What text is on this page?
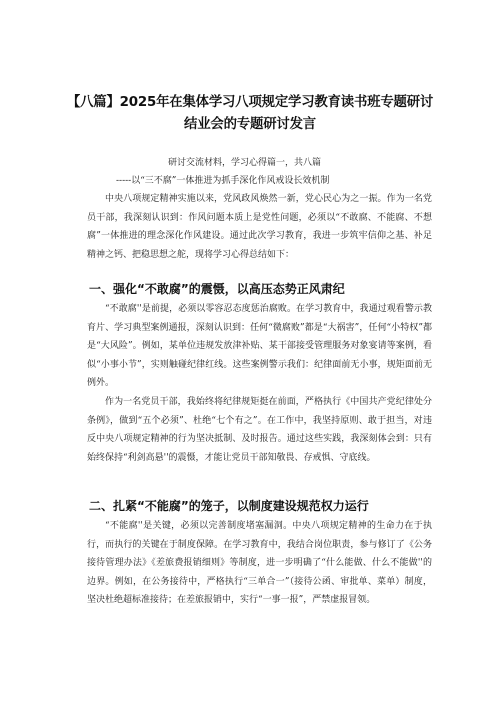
【八篇】2025年在集体学习八项规定学习教育读书班专题研讨
结业会的专题研讨发言
研讨交流材料，学习心得篇一，共八篇
-----以“三不腐”一体推进为抓手深化作风戒设长效机制

中央八项规定精神实施以来，党风政风焕然一新，党心民心为之一振。作为一名党员干部，我深刻认识到：作风问题本质上是党性问题，必须以“不敢腐、不能腐、不想腐”一体推进的理念深化作风建设。通过此次学习教育，我进一步筑牢信仰之基、补足精神之钙、把稳思想之舵，现将学习心得总结如下：

一、强化“不敢腐”的震慑，以高压态势正风肃纪

“不敢腐''是前提，必须以零容忍态度惩治腐败。在学习教育中，我通过观看警示教育片、学习典型案例通报，深刻认识到：任何“微腐败”都是“大祸害”，任何“小特权”都是“大风险”。例如，某单位违规发放津补贴、某干部接受管理服务对象宴请等案例，看似“小事小节”，实则触碰纪律红线。这些案例警示我们：纪律面前无小事，规矩面前无例外。

作为一名党员干部，我始终将纪律规矩挺在前面，严格执行《中国共产党纪律处分条例》，做到“五个必须”、杜绝“七个有之”。在工作中，我坚持原则、敢于担当，对违反中央八项规定精神的行为坚决抵制、及时报告。通过这些实践，我深刻体会到：只有始终保持“利剑高悬''的震慑，才能让党员干部知敬畏、存戒惧、守底线。

二、扎紧“不能腐”的笼子，以制度建设规范权力运行

“不能腐''是关键，必须以完善制度堵塞漏洞。中央八项规定精神的生命力在于执行，而执行的关键在于制度保障。在学习教育中，我结合岗位职责，参与修订了《公务接待管理办法》《差旅费报销细则》等制度，进一步明确了“什么能做、什么不能做''的边界。例如，在公务接待中，严格执行“三单合一”（接待公函、审批单、菜单）制度，坚决杜绝超标准接待；在差旅报销中，实行“一事一报”，严禁虚报冒领。
